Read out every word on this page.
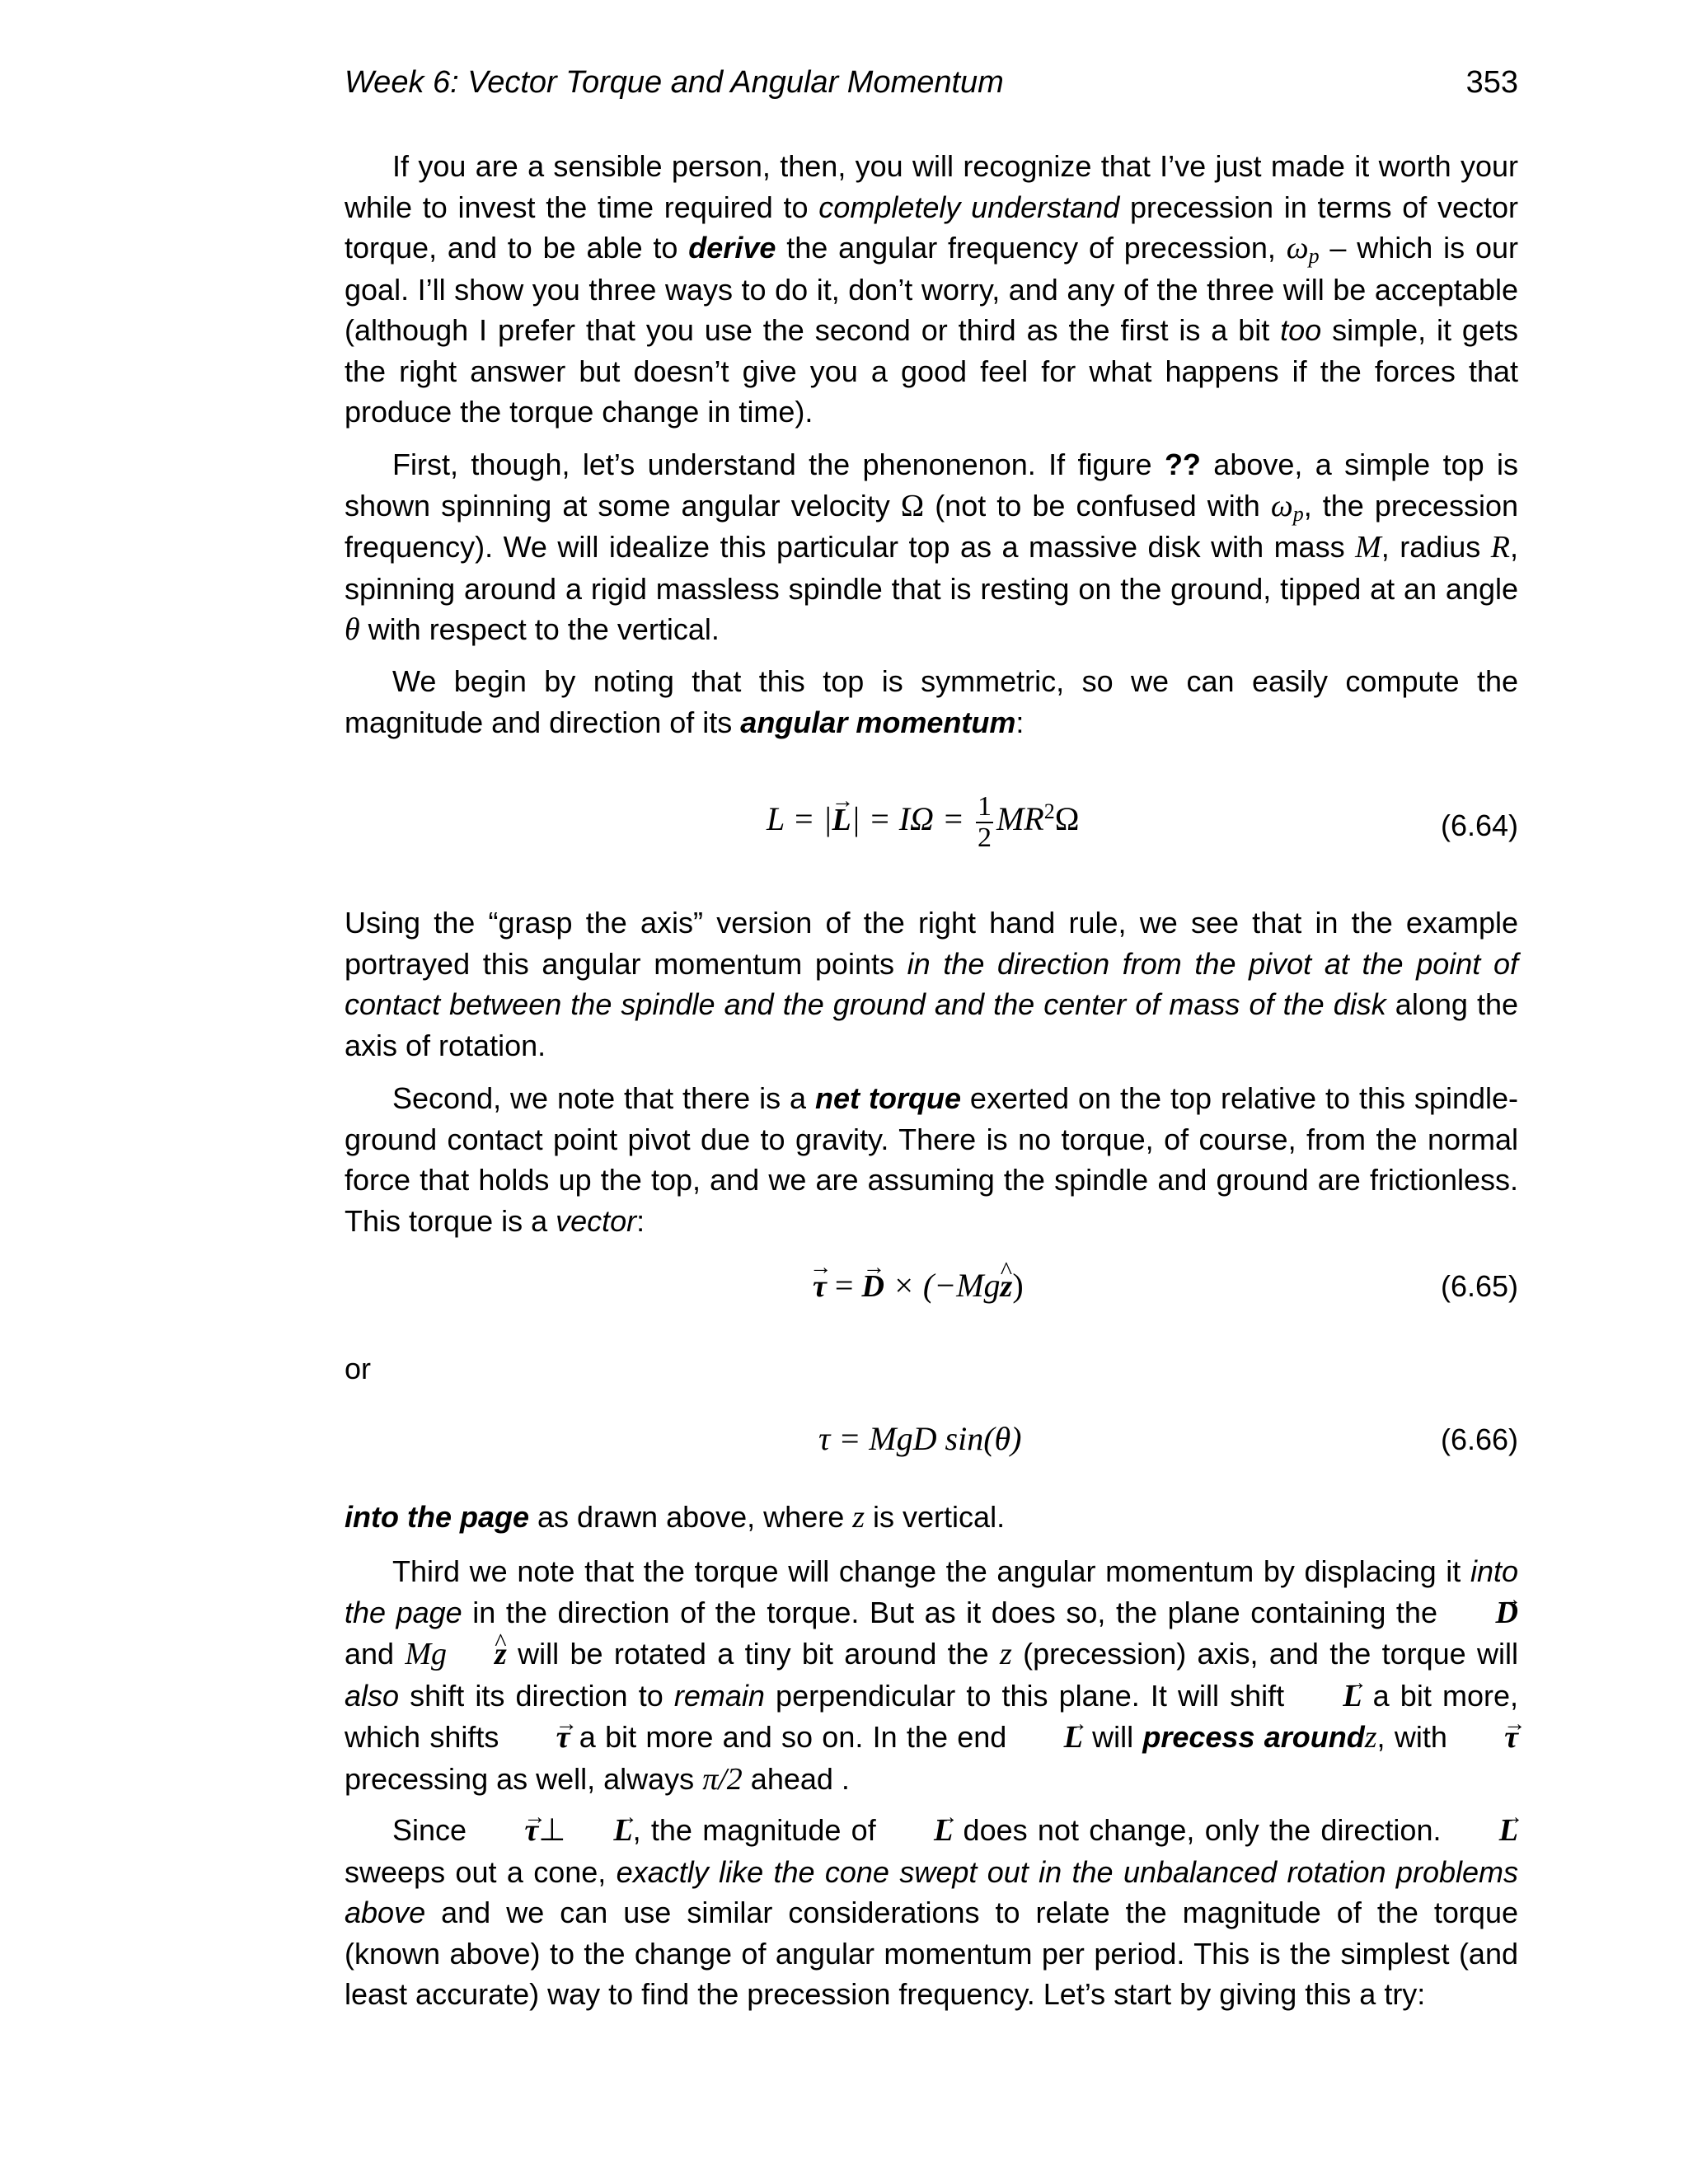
Week 6: Vector Torque and Angular Momentum	353

If you are a sensible person, then, you will recognize that I’ve just made it worth your while to invest the time required to completely understand precession in terms of vector torque, and to be able to derive the angular frequency of precession, $\omega_p$ – which is our goal. I’ll show you three ways to do it, don’t worry, and any of the three will be acceptable (although I prefer that you use the second or third as the first is a bit too simple, it gets the right answer but doesn’t give you a good feel for what happens if the forces that produce the torque change in time).

First, though, let’s understand the phenonenon. If figure ?? above, a simple top is shown spinning at some angular velocity Ω (not to be confused with $\omega_p$, the precession frequency). We will idealize this particular top as a massive disk with mass M, radius R, spinning around a rigid massless spindle that is resting on the ground, tipped at an angle θ with respect to the vertical.

We begin by noting that this top is symmetric, so we can easily compute the magnitude and direction of its angular momentum:

L = |→ $L| = I\Omega = \frac{1}{2} MR^2\Omega$	(6.64)

Using the “grasp the axis” version of the right hand rule, we see that in the example portrayed this angular momentum points in the direction from the pivot at the point of contact between the spindle and the ground and the center of mass of the disk along the axis of rotation.

Second, we note that there is a net torque exerted on the top relative to this spindle-ground contact point pivot due to gravity. There is no torque, of course, from the normal force that holds up the top, and we are assuming the spindle and ground are frictionless. This torque is a vector:

→ τ = → D × (−Mg^ z)	(6.65)
or
τ = MgD sin(θ)	(6.66)

into the page as drawn above, where z is vertical.

Third we note that the torque will change the angular momentum by displacing it into the page in the direction of the torque. But as it does so, the plane containing the → D and Mg ^ z will be rotated a tiny bit around the z (precession) axis, and the torque will also shift its direction to remain perpendicular to this plane. It will shift → L a bit more, which shifts → τ a bit more and so on. In the end → L will precess aroundz, with → τ precessing as well, always π/2 ahead .

Since → τ⊥ → L, the magnitude of → L does not change, only the direction. → L sweeps out a cone, exactly like the cone swept out in the unbalanced rotation problems above and we can use similar considerations to relate the magnitude of the torque (known above) to the change of angular momentum per period. This is the simplest (and least accurate) way to find the precession frequency. Let’s start by giving this a try:
